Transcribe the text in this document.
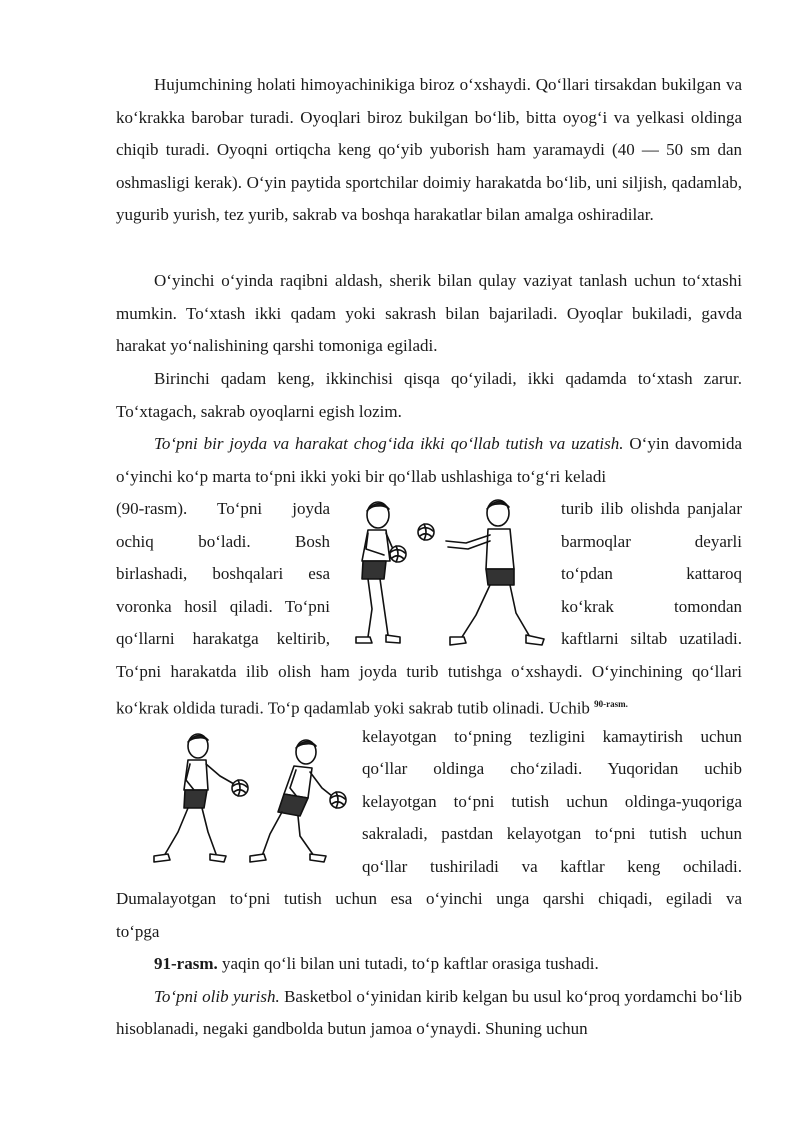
Hujumchining holati himoyachinikiga biroz o‘xshaydi. Qo‘llari tirsakdan bukilgan va ko‘krakka barobar turadi. Oyoqlari biroz bukilgan bo‘lib, bitta oyog‘i va yelkasi oldinga chiqib turadi. Oyoqni ortiqcha keng qo‘yib yuborish ham yaramaydi (40 — 50 sm dan oshmasligi kerak). O‘yin paytida sportchilar doimiy harakatda bo‘lib, uni siljish, qadamlab, yugurib yurish, tez yurib, sakrab va boshqa harakatlar bilan amalga oshiradilar.

O‘yinchi o‘yinda raqibni aldash, sherik bilan qulay vaziyat tanlash uchun to‘xtashi mumkin. To‘xtash ikki qadam yoki sakrash bilan bajariladi. Oyoqlar bukiladi, gavda harakat yo‘nalishining qarshi tomoniga egiladi.

Birinchi qadam keng, ikkinchisi qisqa qo‘yiladi, ikki qadamda to‘xtash zarur. To‘xtagach, sakrab oyoqlarni egish lozim.

To‘pni bir joyda va harakat chog‘ida ikki qo‘llab tutish va uzatish. O‘yin davomida o‘yinchi ko‘p marta to‘pni ikki yoki bir qo‘llab ushlashiga to‘g‘ri keladi

(90-rasm). To‘pni joyda
ochiq	bo‘ladi.	Bosh
birlashadi, boshqalari esa
voronka hosil qiladi. To‘pni
qo‘llarni harakatga keltirib,
turib ilib olishda panjalar
barmoqlar deyarli
to‘pdan kattaroq
ko‘krak tomondan
kaftlarni siltab uzatiladi.
To‘pni harakatda ilib olish ham joyda turib tutishga o‘xshaydi. O‘yinchining qo‘llari
ko‘krak oldida turadi. To‘p qadamlab yoki sakrab tutib olinadi. Uchib $^{90-rasm.}$
kelayotgan to‘pning tezligini kamaytirish uchun
qo‘llar oldinga cho‘ziladi. Yuqoridan uchib
kelayotgan to‘pni tutish uchun oldinga-yuqoriga
sakraladi, pastdan kelayotgan to‘pni tutish uchun
qo‘llar tushiriladi va kaftlar keng ochiladi.
Dumalayotgan to‘pni tutish uchun esa o‘yinchi unga qarshi chiqadi, egiladi va
to‘pga
91-rasm. yaqin qo‘li bilan uni tutadi, to‘p kaftlar orasiga tushadi.

To‘pni olib yurish. Basketbol o‘yinidan kirib kelgan bu usul ko‘proq yordamchi bo‘lib hisoblanadi, negaki gandbolda butun jamoa o‘ynaydi. Shuning uchun
